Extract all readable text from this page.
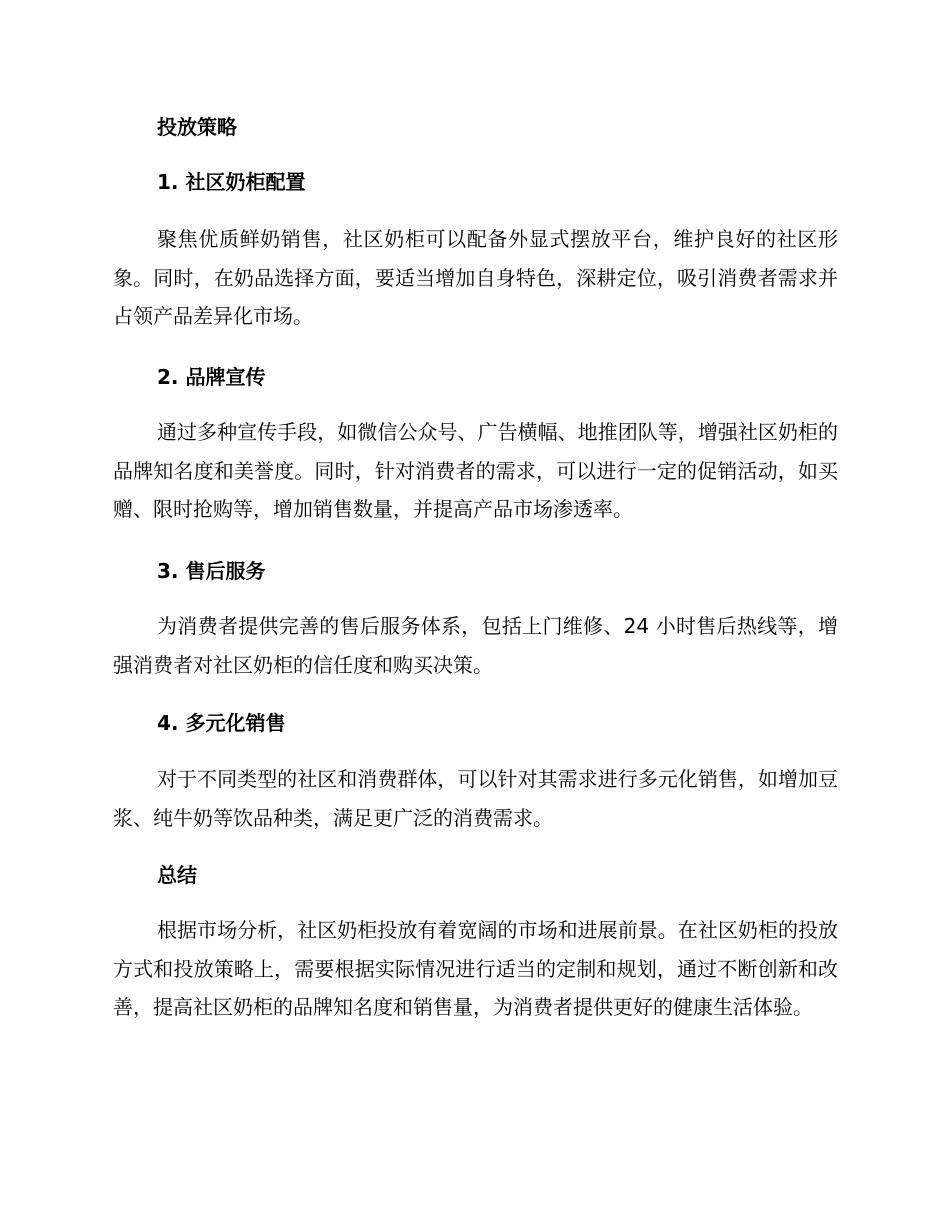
投放策略
1. 社区奶柜配置
聚焦优质鲜奶销售，社区奶柜可以配备外显式摆放平台，维护良好的社区形象。同时，在奶品选择方面，要适当增加自身特色，深耕定位，吸引消费者需求并占领产品差异化市场。
2. 品牌宣传
通过多种宣传手段，如微信公众号、广告横幅、地推团队等，增强社区奶柜的品牌知名度和美誉度。同时，针对消费者的需求，可以进行一定的促销活动，如买赠、限时抢购等，增加销售数量，并提高产品市场渗透率。
3. 售后服务
为消费者提供完善的售后服务体系，包括上门维修、24 小时售后热线等，增强消费者对社区奶柜的信任度和购买决策。
4. 多元化销售
对于不同类型的社区和消费群体，可以针对其需求进行多元化销售，如增加豆浆、纯牛奶等饮品种类，满足更广泛的消费需求。
总结
根据市场分析，社区奶柜投放有着宽阔的市场和进展前景。在社区奶柜的投放方式和投放策略上，需要根据实际情况进行适当的定制和规划，通过不断创新和改善，提高社区奶柜的品牌知名度和销售量，为消费者提供更好的健康生活体验。
